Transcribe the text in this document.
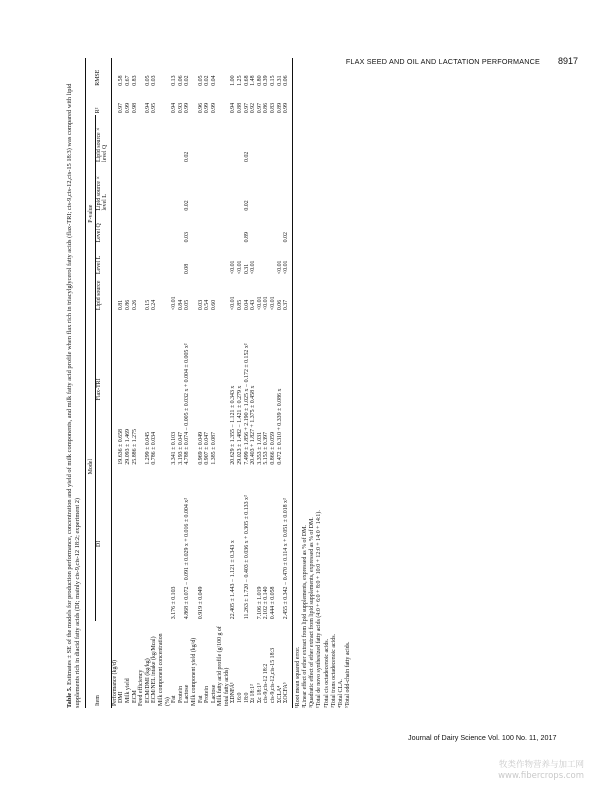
FLAX SEED AND OIL AND LACTATION PERFORMANCE 8917

Table 5. Estimates ± SE of the models for production performance, concentration and yield of milk components, and milk fatty acid profile when flax rich in triacylglycerol fatty acids (flax-TRI; cis-9,cis-12,cis-15 18:3) was compared with lipid supplements rich in diacid fatty acids (DI; mainly cis-9,cis-12 18:2; experiment 2)

	Model		P-value						
Item	DI	Flax-TRI	Lipid source	Level L	Level Q	Lipid source × level L	Lipid source × level Q	R²	RMSE
Performance (kg/d)									
DMI		19.636 ± 0.658	0.81					0.97	0.58
Milk yield		29.093 ± 1.469	0.86					0.99	0.67
ECM		25.886 ± 1.275	0.26					0.98	0.83
Feed efficiency									
ECM/DMI (kg/kg)		1.299 ± 0.045	0.15					0.94	0.05
ECM/NEL intake (kg/Mcal)		0.786 ± 0.034	0.24					0.95	0.03
Milk component concentration (%)									
Fat	3.176 ± 0.103	3.341 ± 0.103	<0.01					0.94	0.13
Protein		3.193 ± 0.047	0.84					0.93	0.06
Lactose	4.868 ± 0.072 − 0.091 ± 0.029 x + 0.016 ± 0.004 x²	4.788 ± 0.074 − 0.005 ± 0.032 x + 0.004 ± 0.005 x²	0.05	0.08	0.03	0.02	0.02	0.99	0.02
Milk component yield (kg/d)									
Fat	0.919 ± 0.049	0.969 ± 0.049	0.03					0.96	0.05
Protein		0.907 ± 0.047	0.54					0.99	0.02
Lactose		1.385 ± 0.087	0.60					0.99	0.04
Milk fatty acid profile (g/100 g of total fatty acids)									
ΣDNFA¹	22.405 ± 1.443 − 1.121 ± 0.343 x	20.629 ± 1.355 − 1.121 ± 0.343 x	<0.01	<0.01				0.94	1.00
16:0		29.023 ± 1.482 − 1.421 ± 0.279 x	0.85	<0.01				0.88	1.25
18:0	11.263 ± 1.720 − 0.403 ± 0.036 x + 0.305 ± 0.133 x²	7.499 ± 1.856 + 2.190 ± 1.025 x − 0.172 ± 0.152 x²	0.04	0.31	0.89	0.02	0.02	0.97	0.68
Σt 18:1²		20.403 + 1.827 + 1.375 ± 0.458 x	0.43	<0.01				0.92	1.48
Σc 18:1³	7.106 ± 1.019	3.353 ± 1.031	<0.01					0.97	0.80
cis-9,cis-12 18:2	2.102 ± 0.140	5.153 ± 0.397	<0.01					0.86	0.39
cis-9,cis-12,cis-15 18:3	0.444 ± 0.058	0.866 ± 0.059	<0.01					0.83	0.15
ΣCLA⁴		0.472 ± 0.310 + 0.339 ± 0.086 x	0.06	<0.01				0.89	0.31
ΣOCFA⁵	2.455 ± 0.342 − 0.470 ± 0.114 x + 0.051 ± 0.018 x²		0.37	<0.01	0.02			0.99	0.06
¹Root mean squared error. ²Linear effect of ether extract from lipid supplements, expressed as % of DM. ³Quadratic effect of ether extract from lipid supplements, expressed as % of DM. ¹Total de novo synthesized fatty acids (4:0 + 6:0 + 8:0 + 10:0 + 12:0 + 14:0 + 14:1). ²Total cis octadecenoic acids. ³Total trans octadecenoic acids. ⁴Total CLA. ⁵Total odd-chain fatty acids.
Journal of Dairy Science Vol. 100 No. 11, 2017
牧类作物营养与加工网
www.fibercrops.com
